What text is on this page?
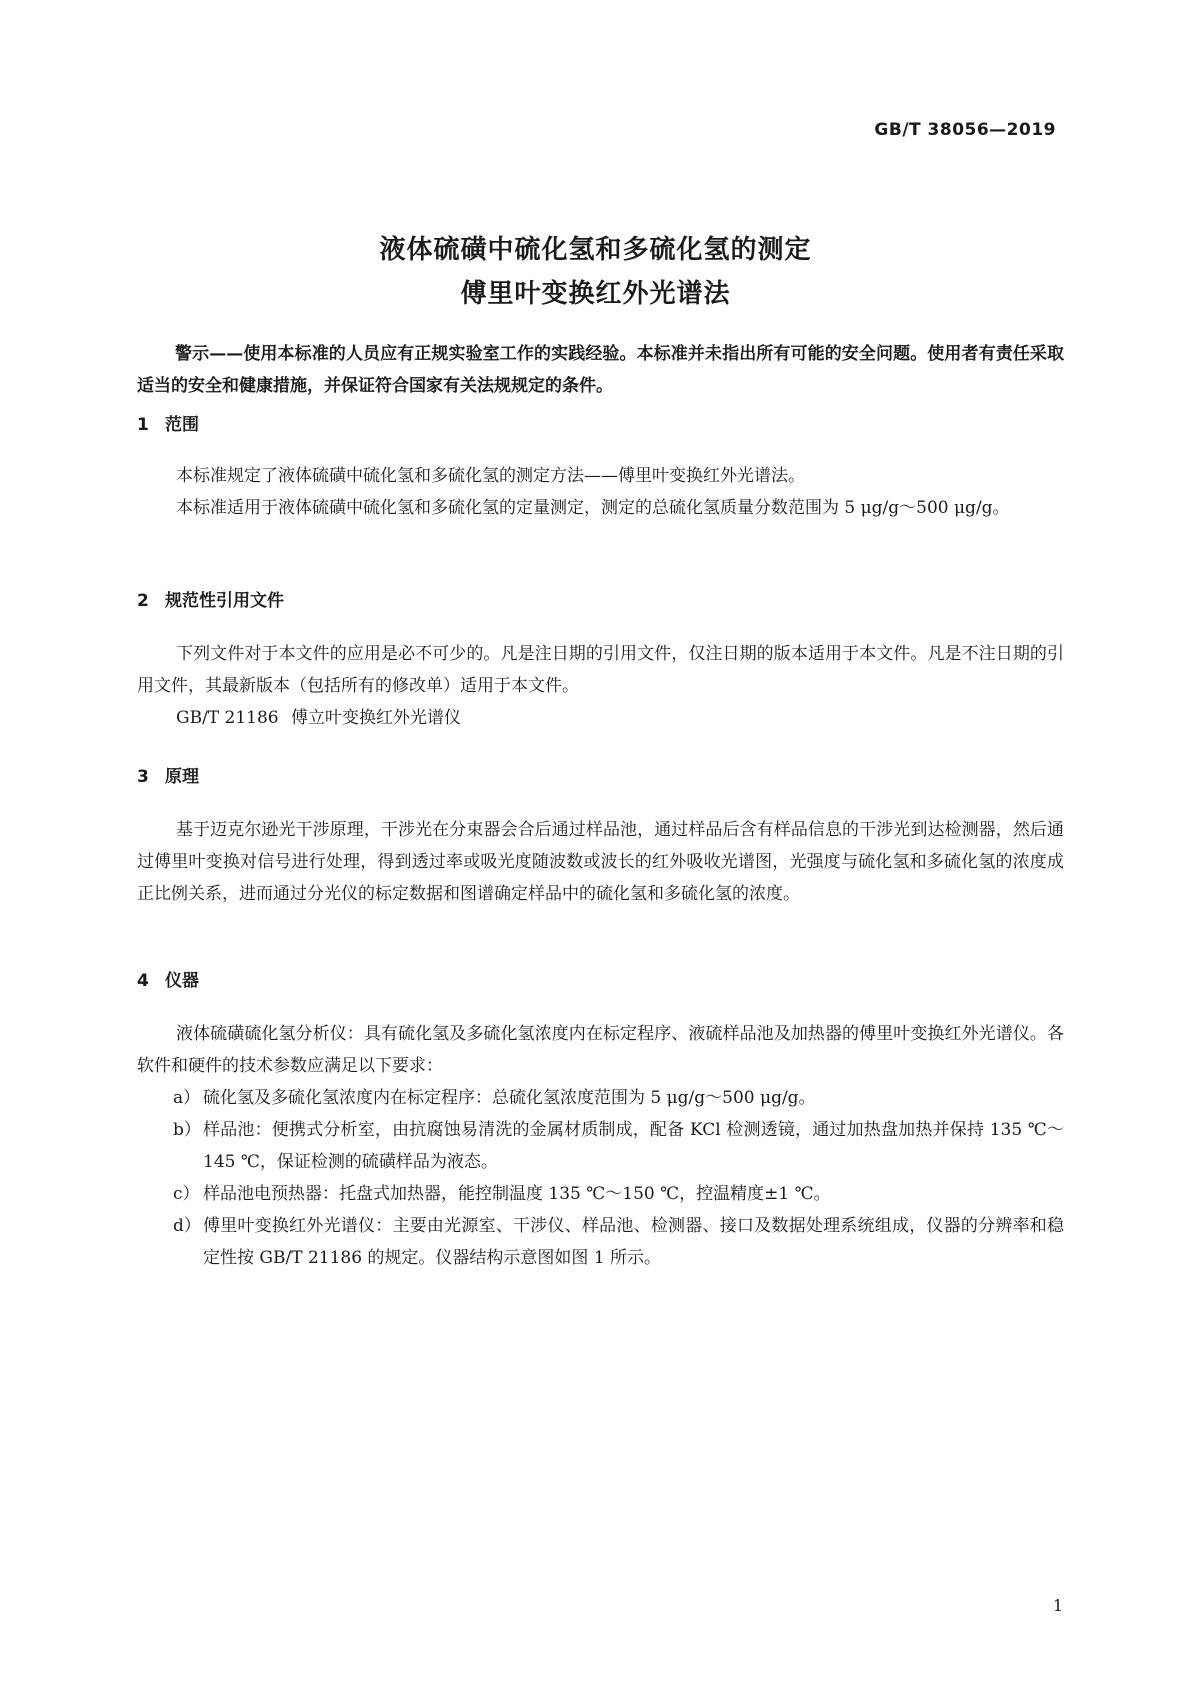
GB/T 38056—2019
液体硫磺中硫化氢和多硫化氢的测定
傅里叶变换红外光谱法
警示——使用本标准的人员应有正规实验室工作的实践经验。本标准并未指出所有可能的安全问题。使用者有责任采取适当的安全和健康措施，并保证符合国家有关法规规定的条件。
1 范围

本标准规定了液体硫磺中硫化氢和多硫化氢的测定方法——傅里叶变换红外光谱法。

本标准适用于液体硫磺中硫化氢和多硫化氢的定量测定，测定的总硫化氢质量分数范围为 5 μg/g～500 μg/g。

2 规范性引用文件

下列文件对于本文件的应用是必不可少的。凡是注日期的引用文件，仅注日期的版本适用于本文件。凡是不注日期的引用文件，其最新版本（包括所有的修改单）适用于本文件。

GB/T 21186 傅立叶变换红外光谱仪
3 原理

基于迈克尔逊光干涉原理，干涉光在分束器会合后通过样品池，通过样品后含有样品信息的干涉光到达检测器，然后通过傅里叶变换对信号进行处理，得到透过率或吸光度随波数或波长的红外吸收光谱图，光强度与硫化氢和多硫化氢的浓度成正比例关系，进而通过分光仪的标定数据和图谱确定样品中的硫化氢和多硫化氢的浓度。

4 仪器

液体硫磺硫化氢分析仪：具有硫化氢及多硫化氢浓度内在标定程序、液硫样品池及加热器的傅里叶变换红外光谱仪。各软件和硬件的技术参数应满足以下要求：

a） 硫化氢及多硫化氢浓度内在标定程序：总硫化氢浓度范围为 5 μg/g～500 μg/g。
b） 样品池：便携式分析室，由抗腐蚀易清洗的金属材质制成，配备 KCl 检测透镜，通过加热盘加热并保持 135 ℃～145 ℃，保证检测的硫磺样品为液态。
c） 样品池电预热器：托盘式加热器，能控制温度 135 ℃～150 ℃，控温精度±1 ℃。
d） 傅里叶变换红外光谱仪：主要由光源室、干涉仪、样品池、检测器、接口及数据处理系统组成，仪器的分辨率和稳定性按 GB/T 21186 的规定。仪器结构示意图如图 1 所示。
1
